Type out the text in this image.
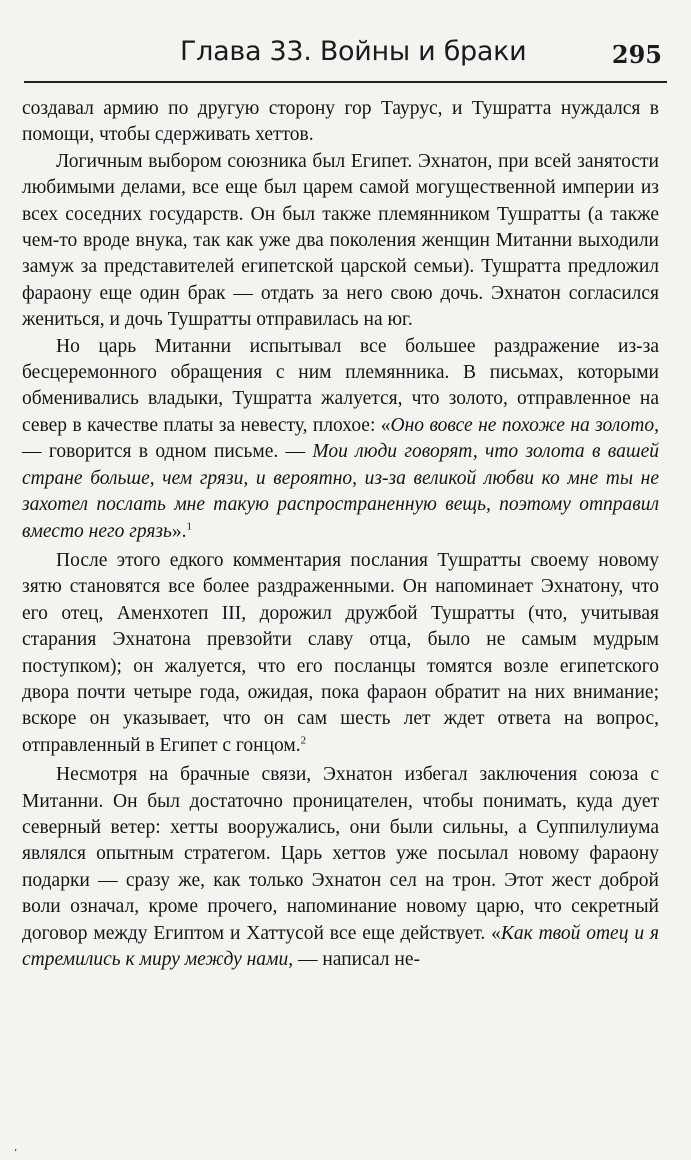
Глава 33. Войны и браки	295

создавал армию по другую сторону гор Таурус, и Тушратта нуждался в помощи, чтобы сдерживать хеттов.

Логичным выбором союзника был Египет. Эхнатон, при всей занятости любимыми делами, все еще был царем самой могущественной империи из всех соседних государств. Он был также племянником Тушратты (а также чем-то вроде внука, так как уже два поколения женщин Митанни выходили замуж за представителей египетской царской семьи). Тушратта предложил фараону еще один брак — отдать за него свою дочь. Эхнатон согласился жениться, и дочь Тушратты отправилась на юг.

Но царь Митанни испытывал все большее раздражение из-за бесцеремонного обращения с ним племянника. В письмах, которыми обменивались владыки, Тушратта жалуется, что золото, отправленное на север в качестве платы за невесту, плохое: «Оно вовсе не похоже на золото, — говорится в одном письме. — Мои люди говорят, что золота в вашей стране больше, чем грязи, и вероятно, из-за великой любви ко мне ты не захотел послать мне такую распространенную вещь, поэтому отправил вместо него грязь».$^1$

После этого едкого комментария послания Тушратты своему новому зятю становятся все более раздраженными. Он напоминает Эхнатону, что его отец, Аменхотеп III, дорожил дружбой Тушратты (что, учитывая старания Эхнатона превзойти славу отца, было не самым мудрым поступком); он жалуется, что его посланцы томятся возле египетского двора почти четыре года, ожидая, пока фараон обратит на них внимание; вскоре он указывает, что он сам шесть лет ждет ответа на вопрос, отправленный в Египет с гонцом.$^2$

Несмотря на брачные связи, Эхнатон избегал заключения союза с Митанни. Он был достаточно проницателен, чтобы понимать, куда дует северный ветер: хетты вооружались, они были сильны, а Суппилулиума являлся опытным стратегом. Царь хеттов уже посылал новому фараону подарки — сразу же, как только Эхнатон сел на трон. Этот жест доброй воли означал, кроме прочего, напоминание новому царю, что секретный договор между Египтом и Хаттусой все еще действует. «Как твой отец и я стремились к миру между нами, — написал не-

’
